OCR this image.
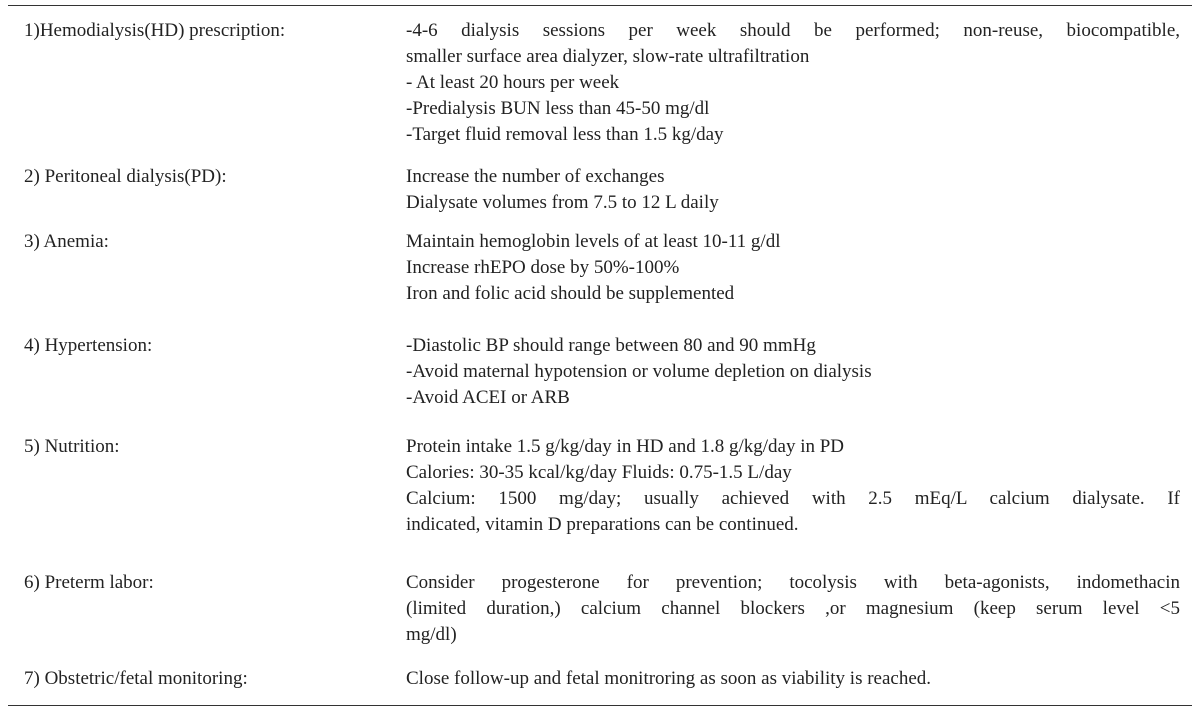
1)Hemodialysis(HD) prescription:	-4-6 dialysis sessions per week should be performed; non-reuse, biocompatible,
smaller surface area dialyzer, slow-rate ultrafiltration
- At least 20 hours per week
-Predialysis BUN less than 45-50 mg/dl
-Target fluid removal less than 1.5 kg/day
2) Peritoneal dialysis(PD):	Increase the number of exchanges
Dialysate volumes from 7.5 to 12 L daily
3) Anemia:	Maintain hemoglobin levels of at least 10-11 g/dl
Increase rhEPO dose by 50%-100%
Iron and folic acid should be supplemented
4) Hypertension:	-Diastolic BP should range between 80 and 90 mmHg
-Avoid maternal hypotension or volume depletion on dialysis
-Avoid ACEI or ARB
5) Nutrition:	Protein intake 1.5 g/kg/day in HD and 1.8 g/kg/day in PD
Calories: 30-35 kcal/kg/day Fluids: 0.75-1.5 L/day
Calcium: 1500 mg/day; usually achieved with 2.5 mEq/L calcium dialysate. If
indicated, vitamin D preparations can be continued.
6) Preterm labor:	Consider progesterone for prevention; tocolysis with beta-agonists, indomethacin
(limited duration,) calcium channel blockers ,or magnesium (keep serum level <5
mg/dl)
7) Obstetric/fetal monitoring:	Close follow-up and fetal monitroring as soon as viability is reached.
